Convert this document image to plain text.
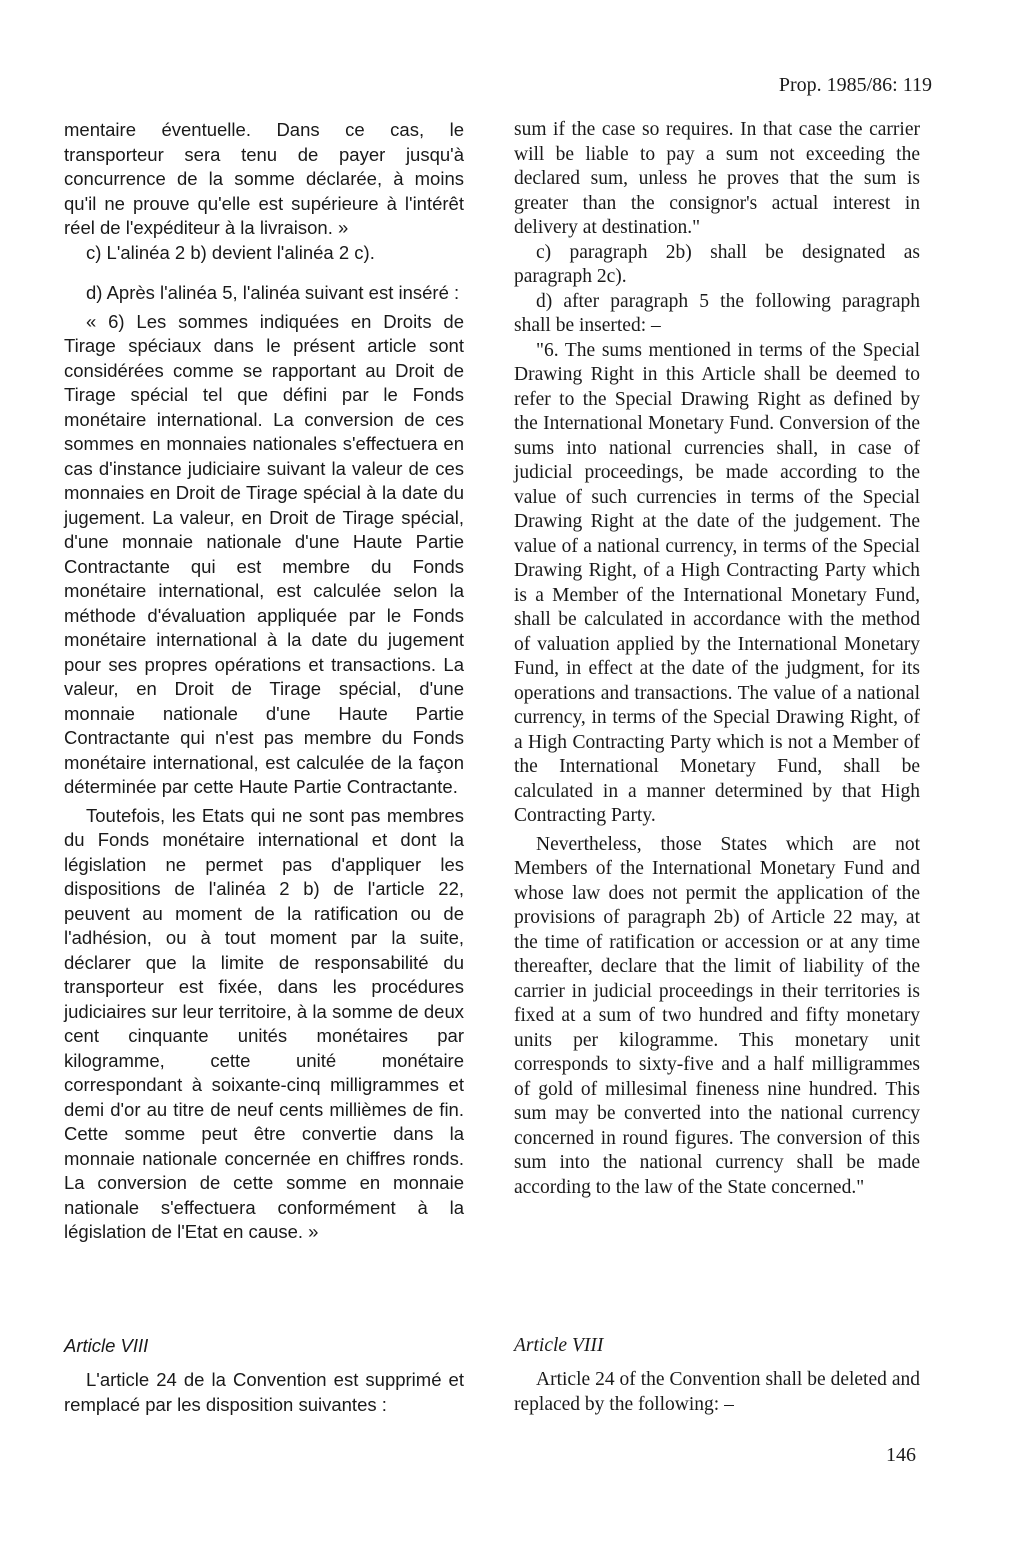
Prop. 1985/86: 119

mentaire éventuelle. Dans ce cas, le transporteur sera tenu de payer jusqu'à concurrence de la somme déclarée, à moins qu'il ne prouve qu'elle est supérieure à l'intérêt réel de l'expéditeur à la livraison. »

c) L'alinéa 2 b) devient l'alinéa 2 c).

d) Après l'alinéa 5, l'alinéa suivant est inséré :

« 6) Les sommes indiquées en Droits de Tirage spéciaux dans le présent article sont considérées comme se rapportant au Droit de Tirage spécial tel que défini par le Fonds monétaire international. La conversion de ces sommes en monnaies nationales s'effectuera en cas d'instance judiciaire suivant la valeur de ces monnaies en Droit de Tirage spécial à la date du jugement. La valeur, en Droit de Tirage spécial, d'une monnaie nationale d'une Haute Partie Contractante qui est membre du Fonds monétaire international, est calculée selon la méthode d'évaluation appliquée par le Fonds monétaire international à la date du jugement pour ses propres opérations et transactions. La valeur, en Droit de Tirage spécial, d'une monnaie nationale d'une Haute Partie Contractante qui n'est pas membre du Fonds monétaire international, est calculée de la façon déterminée par cette Haute Partie Contractante.

Toutefois, les Etats qui ne sont pas membres du Fonds monétaire international et dont la législation ne permet pas d'appliquer les dispositions de l'alinéa 2 b) de l'article 22, peuvent au moment de la ratification ou de l'adhésion, ou à tout moment par la suite, déclarer que la limite de responsabilité du transporteur est fixée, dans les procédures judiciaires sur leur territoire, à la somme de deux cent cinquante unités monétaires par kilogramme, cette unité monétaire correspondant à soixante-cinq milligrammes et demi d'or au titre de neuf cents millièmes de fin. Cette somme peut être convertie dans la monnaie nationale concernée en chiffres ronds. La conversion de cette somme en monnaie nationale s'effectuera conformément à la législation de l'Etat en cause. »

sum if the case so requires. In that case the carrier will be liable to pay a sum not exceeding the declared sum, unless he proves that the sum is greater than the consignor's actual interest in delivery at destination."

c) paragraph 2b) shall be designated as paragraph 2c).

d) after paragraph 5 the following paragraph shall be inserted: –

"6. The sums mentioned in terms of the Special Drawing Right in this Article shall be deemed to refer to the Special Drawing Right as defined by the International Monetary Fund. Conversion of the sums into national currencies shall, in case of judicial proceedings, be made according to the value of such currencies in terms of the Special Drawing Right at the date of the judgement. The value of a national currency, in terms of the Special Drawing Right, of a High Contracting Party which is a Member of the International Monetary Fund, shall be calculated in accordance with the method of valuation applied by the International Monetary Fund, in effect at the date of the judgment, for its operations and transactions. The value of a national currency, in terms of the Special Drawing Right, of a High Contracting Party which is not a Member of the International Monetary Fund, shall be calculated in a manner determined by that High Contracting Party.

Nevertheless, those States which are not Members of the International Monetary Fund and whose law does not permit the application of the provisions of paragraph 2b) of Article 22 may, at the time of ratification or accession or at any time thereafter, declare that the limit of liability of the carrier in judicial proceedings in their territories is fixed at a sum of two hundred and fifty monetary units per kilogramme. This monetary unit corresponds to sixty-five and a half milligrammes of gold of millesimal fineness nine hundred. This sum may be converted into the national currency concerned in round figures. The conversion of this sum into the national currency shall be made according to the law of the State concerned."

Article VIII	Article VIII

L'article 24 de la Convention est supprimé et remplacé par les disposition suivantes :

Article 24 of the Convention shall be deleted and replaced by the following: –

146
